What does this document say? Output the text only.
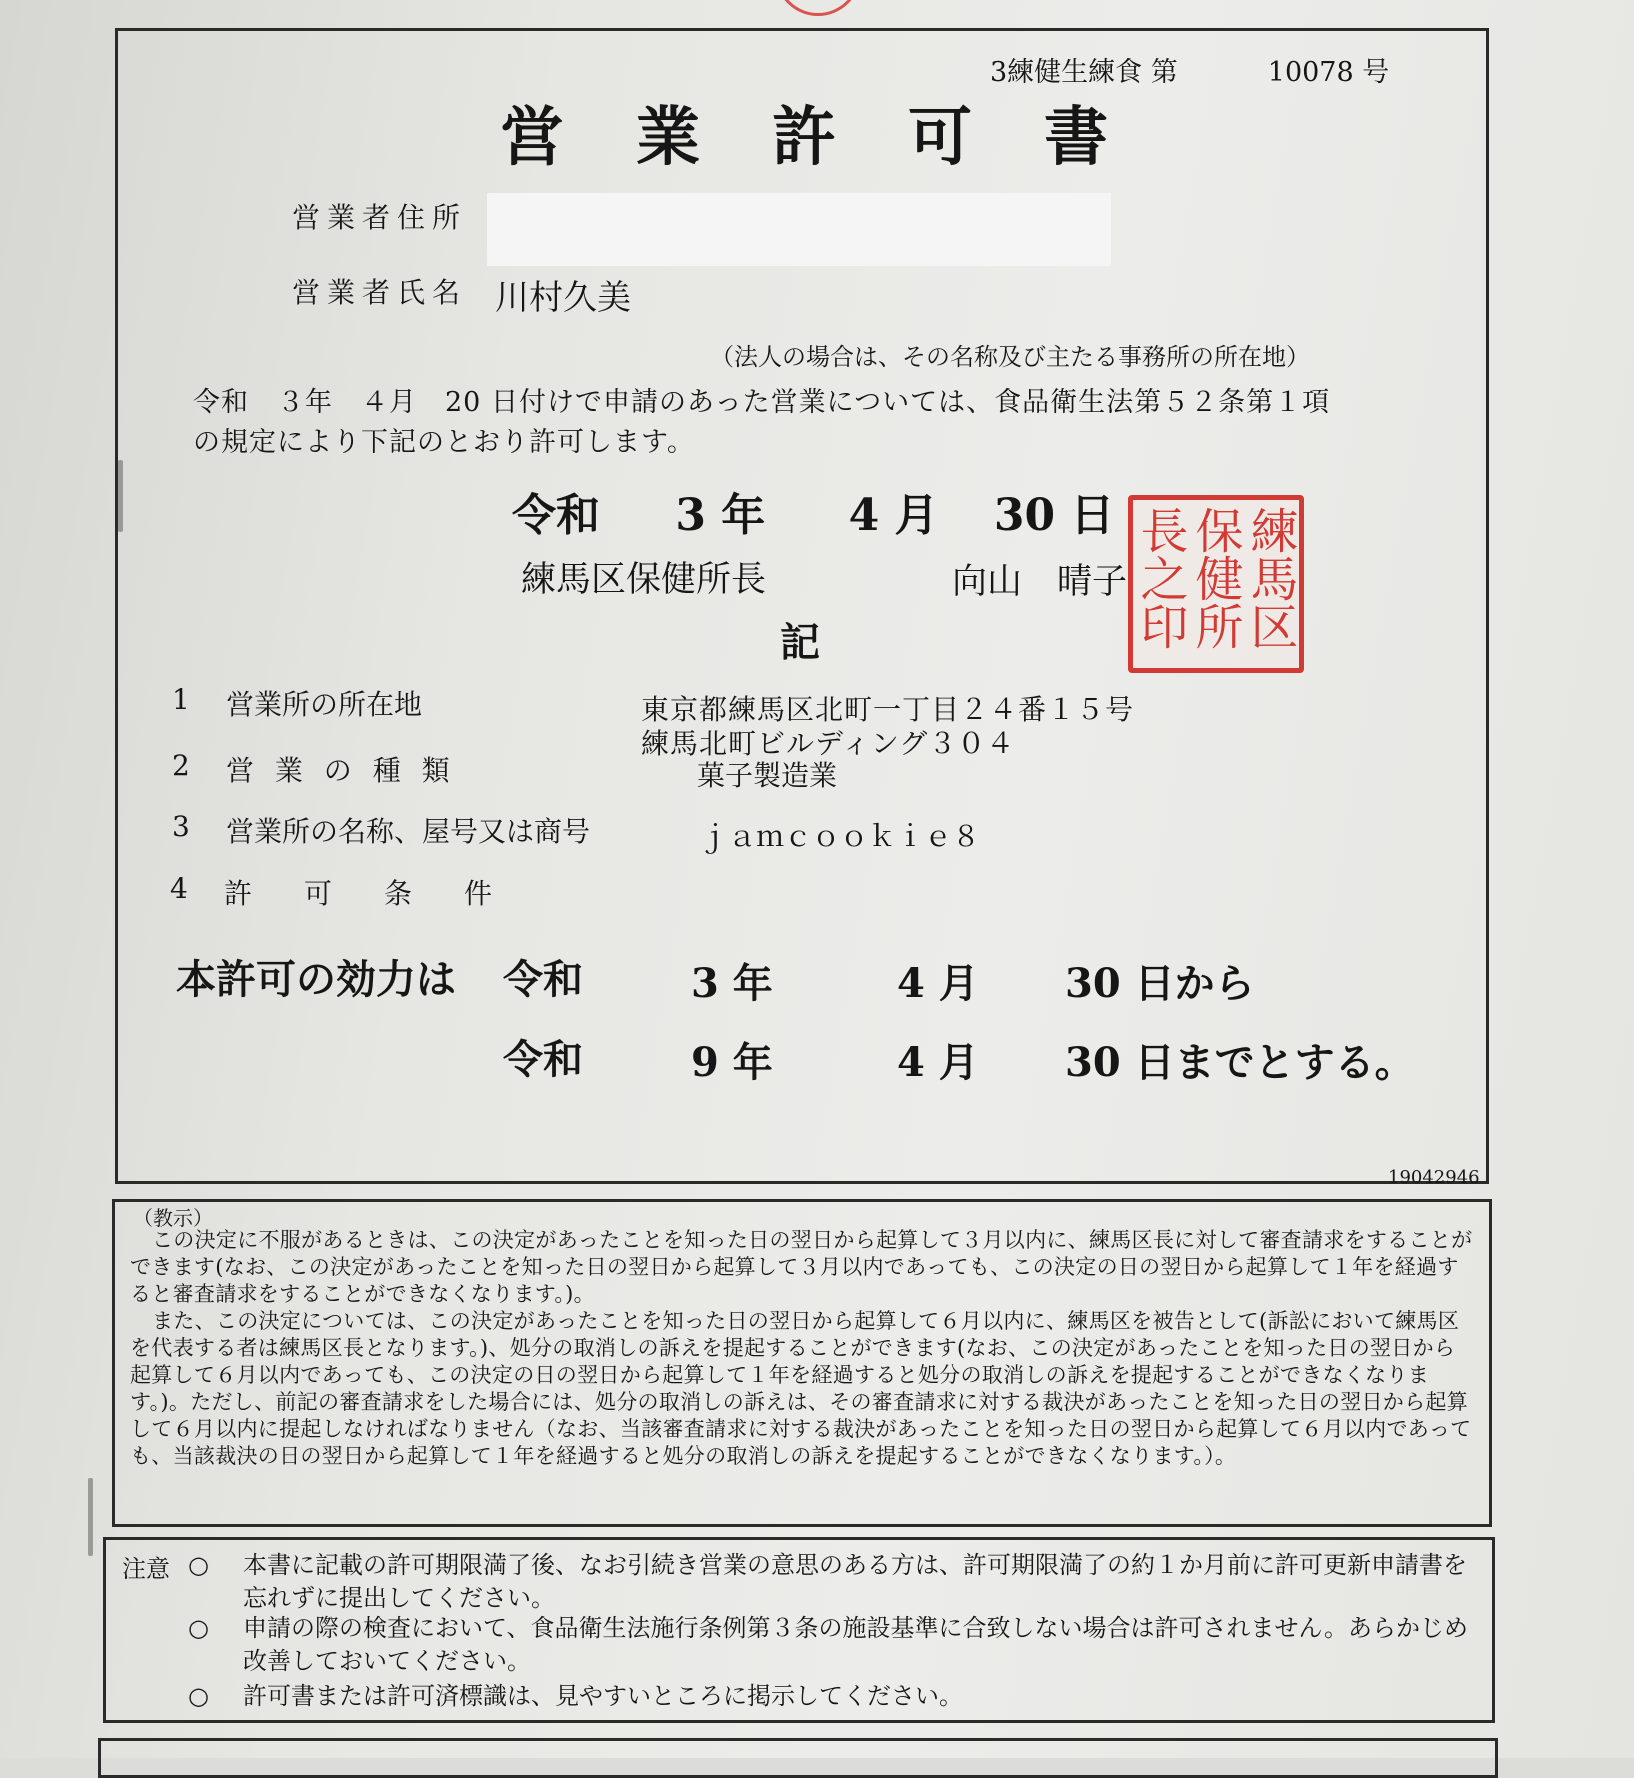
3練健生練食 第	10078 号
営業許可書
営業者住所
営業者氏名 川村久美
（法人の場合は、その名称及び主たる事務所の所在地）
令和　３年　４月　20 日付けで申請のあった営業については、食品衛生法第５２条第１項
の規定により下記のとおり許可します。
令和 3 年 4 月 30 日
練馬区保健所長	向山　晴子 練馬区
保健所
長之印
記
1 営業所の所在地	東京都練馬区北町一丁目２４番１５号
練馬北町ビルディング３０４
2 営 業 の 種 類	菓子製造業
3 営業所の名称、屋号又は商号	ｊａｍｃｏｏｋｉｅ８
4 許　可　条　件
本許可の効力は 令和	3 年	4 月 30 日から
令和	9 年	4 月 30 日までとする。
19042946
（教示）

この決定に不服があるときは、この決定があったことを知った日の翌日から起算して３月以内に、練馬区長に対して審査請求をすることができます(なお、この決定があったことを知った日の翌日から起算して３月以内であっても、この決定の日の翌日から起算して１年を経過すると審査請求をすることができなくなります。)。

また、この決定については、この決定があったことを知った日の翌日から起算して６月以内に、練馬区を被告として(訴訟において練馬区を代表する者は練馬区長となります。)、処分の取消しの訴えを提起することができます(なお、この決定があったことを知った日の翌日から起算して６月以内であっても、この決定の日の翌日から起算して１年を経過すると処分の取消しの訴えを提起することができなくなります。)。ただし、前記の審査請求をした場合には、処分の取消しの訴えは、その審査請求に対する裁決があったことを知った日の翌日から起算して６月以内に提起しなければなりません（なお、当該審査請求に対する裁決があったことを知った日の翌日から起算して６月以内であっても、当該裁決の日の翌日から起算して１年を経過すると処分の取消しの訴えを提起することができなくなります。）。

注意 ○ 本書に記載の許可期限満了後、なお引続き営業の意思のある方は、許可期限満了の約１か月前に許可更新申請書を忘れずに提出してください。
○ 申請の際の検査において、食品衛生法施行条例第３条の施設基準に合致しない場合は許可されません。あらかじめ改善しておいてください。
○ 許可書または許可済標識は、見やすいところに掲示してください。
